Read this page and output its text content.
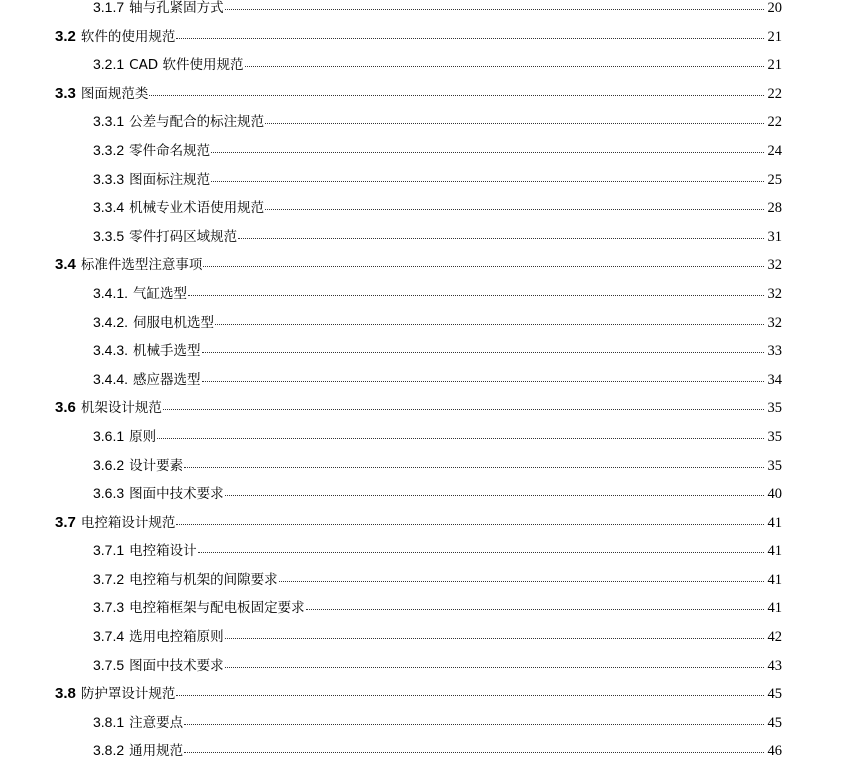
3.1.7 轴与孔紧固方式	20
3.2 软件的使用规范	21
3.2.1 CAD 软件使用规范	21
3.3 图面规范类	22
3.3.1 公差与配合的标注规范	22
3.3.2 零件命名规范	24
3.3.3 图面标注规范	25
3.3.4 机械专业术语使用规范	28
3.3.5 零件打码区域规范	31
3.4 标准件选型注意事项	32
3.4.1. 气缸选型	32
3.4.2. 伺服电机选型	32
3.4.3. 机械手选型	33
3.4.4. 感应器选型	34
3.6 机架设计规范	35
3.6.1 原则	35
3.6.2 设计要素	35
3.6.3 图面中技术要求	40
3.7 电控箱设计规范	41
3.7.1 电控箱设计	41
3.7.2 电控箱与机架的间隙要求	41
3.7.3 电控箱框架与配电板固定要求	41
3.7.4 选用电控箱原则	42
3.7.5 图面中技术要求	43
3.8 防护罩设计规范	45
3.8.1 注意要点	45
3.8.2 通用规范	46
